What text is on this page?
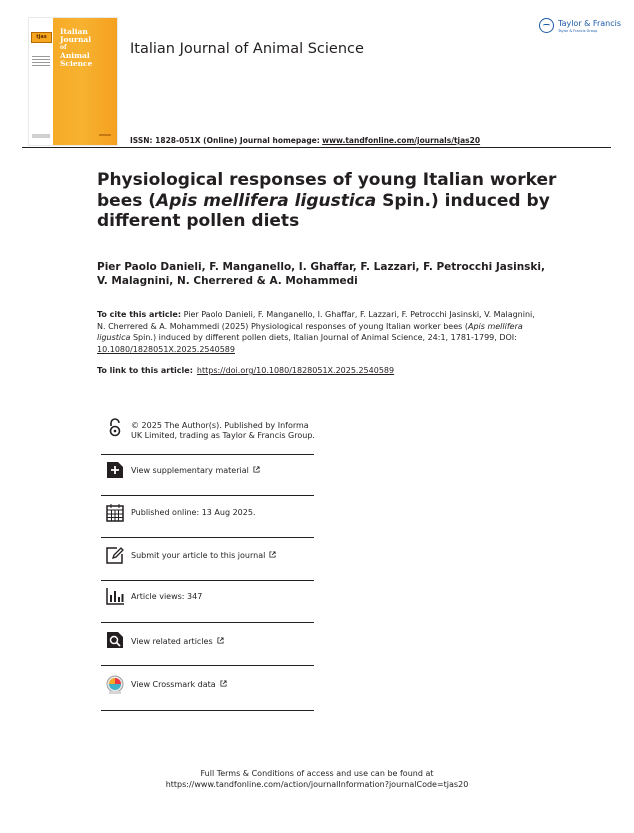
tjas
Italian
Journal
of
Animal
Science
Italian Journal of Animal Science
Taylor & Francis
Taylor & Francis Group
ISSN: 1828-051X (Online) Journal homepage: www.tandfonline.com/journals/tjas20
Physiological responses of young Italian worker bees (Apis mellifera ligustica Spin.) induced by different pollen diets
Pier Paolo Danieli, F. Manganello, I. Ghaffar, F. Lazzari, F. Petrocchi Jasinski, V. Malagnini, N. Cherrered & A. Mohammedi
To cite this article: Pier Paolo Danieli, F. Manganello, I. Ghaffar, F. Lazzari, F. Petrocchi Jasinski, V. Malagnini, N. Cherrered & A. Mohammedi (2025) Physiological responses of young Italian worker bees (Apis mellifera ligustica Spin.) induced by different pollen diets, Italian Journal of Animal Science, 24:1, 1781-1799, DOI: 10.1080/1828051X.2025.2540589
To link to this article: https://doi.org/10.1080/1828051X.2025.2540589
© 2025 The Author(s). Published by Informa UK Limited, trading as Taylor & Francis Group.
View supplementary material
Published online: 13 Aug 2025.
Submit your article to this journal
Article views: 347
View related articles
View Crossmark data
Full Terms & Conditions of access and use can be found at
https://www.tandfonline.com/action/journalInformation?journalCode=tjas20
